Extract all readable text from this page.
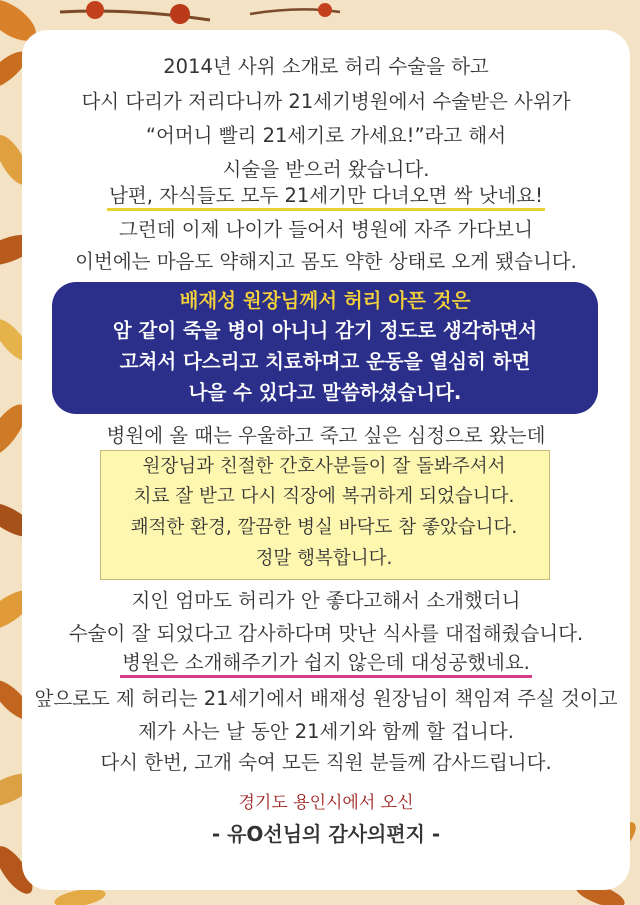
2014년 사위 소개로 허리 수술을 하고
다시 다리가 저리다니까 21세기병원에서 수술받은 사위가
“어머니 빨리 21세기로 가세요!”라고 해서
시술을 받으러 왔습니다.
남편, 자식들도 모두 21세기만 다녀오면 싹 낫네요!
그런데 이제 나이가 들어서 병원에 자주 가다보니
이번에는 마음도 약해지고 몸도 약한 상태로 오게 됐습니다.
배재성 원장님께서 허리 아픈 것은
암 같이 죽을 병이 아니니 감기 정도로 생각하면서
고쳐서 다스리고 치료하며고 운동을 열심히 하면
나을 수 있다고 말씀하셨습니다.
병원에 올 때는 우울하고 죽고 싶은 심정으로 왔는데
원장님과 친절한 간호사분들이 잘 돌봐주셔서
치료 잘 받고 다시 직장에 복귀하게 되었습니다.
쾌적한 환경, 깔끔한 병실 바닥도 참 좋았습니다.
정말 행복합니다.
지인 엄마도 허리가 안 좋다고해서 소개했더니
수술이 잘 되었다고 감사하다며 맛난 식사를 대접해줬습니다.
병원은 소개해주기가 쉽지 않은데 대성공했네요.
앞으로도 제 허리는 21세기에서 배재성 원장님이 책임져 주실 것이고
제가 사는 날 동안 21세기와 함께 할 겁니다.
다시 한번, 고개 숙여 모든 직원 분들께 감사드립니다.
경기도 용인시에서 오신
- 유O선님의 감사의편지 -
